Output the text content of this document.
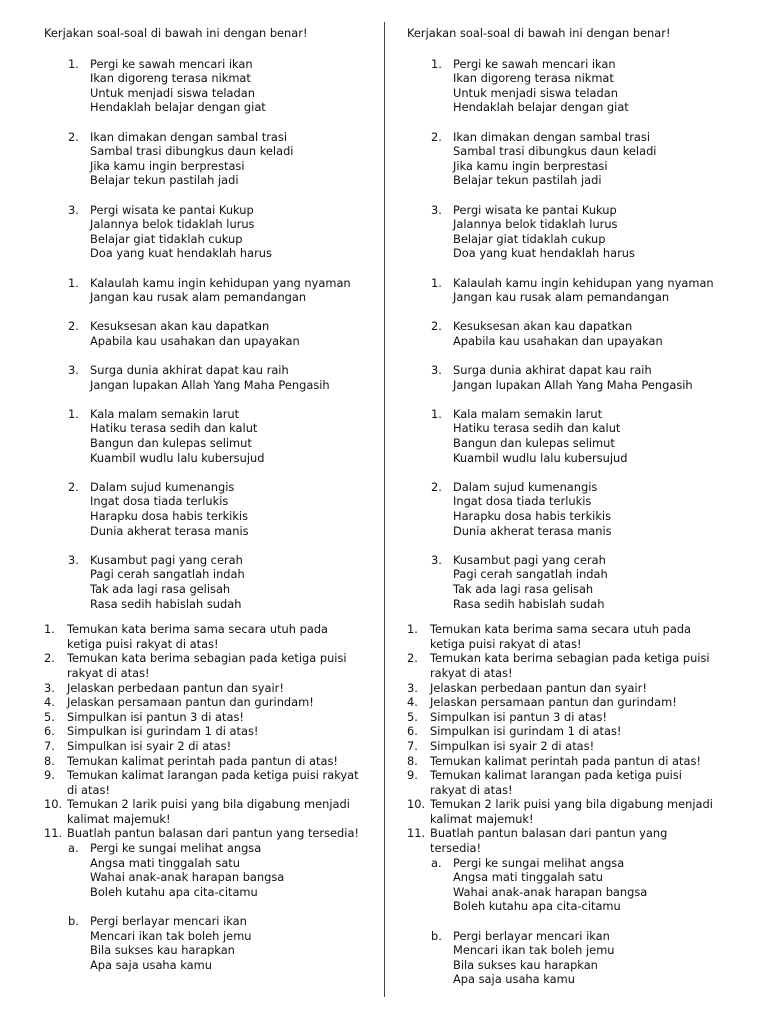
Kerjakan soal-soal di bawah ini dengan benar!
1. Pergi ke sawah mencari ikan
Ikan digoreng terasa nikmat
Untuk menjadi siswa teladan
Hendaklah belajar dengan giat
2. Ikan dimakan dengan sambal trasi
Sambal trasi dibungkus daun keladi
Jika kamu ingin berprestasi
Belajar tekun pastilah jadi
3. Pergi wisata ke pantai Kukup
Jalannya belok tidaklah lurus
Belajar giat tidaklah cukup
Doa yang kuat hendaklah harus
1. Kalaulah kamu ingin kehidupan yang nyaman
Jangan kau rusak alam pemandangan
2. Kesuksesan akan kau dapatkan
Apabila kau usahakan dan upayakan
3. Surga dunia akhirat dapat kau raih
Jangan lupakan Allah Yang Maha Pengasih
1. Kala malam semakin larut
Hatiku terasa sedih dan kalut
Bangun dan kulepas selimut
Kuambil wudlu lalu kubersujud
2. Dalam sujud kumenangis
Ingat dosa tiada terlukis
Harapku dosa habis terkikis
Dunia akherat terasa manis
3. Kusambut pagi yang cerah
Pagi cerah sangatlah indah
Tak ada lagi rasa gelisah
Rasa sedih habislah sudah
1. Temukan kata berima sama secara utuh pada ketiga puisi rakyat di atas!
2. Temukan kata berima sebagian pada ketiga puisi rakyat di atas!
3. Jelaskan perbedaan pantun dan syair!
4. Jelaskan persamaan pantun dan gurindam!
5. Simpulkan isi pantun 3 di atas!
6. Simpulkan isi gurindam 1 di atas!
7. Simpulkan isi syair 2 di atas!
8. Temukan kalimat perintah pada pantun di atas!
9. Temukan kalimat larangan pada ketiga puisi rakyat di atas!
10. Temukan 2 larik puisi yang bila digabung menjadi kalimat majemuk!
11. Buatlah pantun balasan dari pantun yang tersedia!
a. Pergi ke sungai melihat angsa
Angsa mati tinggalah satu
Wahai anak-anak harapan bangsa
Boleh kutahu apa cita-citamu
b. Pergi berlayar mencari ikan
Mencari ikan tak boleh jemu
Bila sukses kau harapkan
Apa saja usaha kamu
Kerjakan soal-soal di bawah ini dengan benar!
1. Pergi ke sawah mencari ikan
Ikan digoreng terasa nikmat
Untuk menjadi siswa teladan
Hendaklah belajar dengan giat
2. Ikan dimakan dengan sambal trasi
Sambal trasi dibungkus daun keladi
Jika kamu ingin berprestasi
Belajar tekun pastilah jadi
3. Pergi wisata ke pantai Kukup
Jalannya belok tidaklah lurus
Belajar giat tidaklah cukup
Doa yang kuat hendaklah harus
1. Kalaulah kamu ingin kehidupan yang nyaman
Jangan kau rusak alam pemandangan
2. Kesuksesan akan kau dapatkan
Apabila kau usahakan dan upayakan
3. Surga dunia akhirat dapat kau raih
Jangan lupakan Allah Yang Maha Pengasih
1. Kala malam semakin larut
Hatiku terasa sedih dan kalut
Bangun dan kulepas selimut
Kuambil wudlu lalu kubersujud
2. Dalam sujud kumenangis
Ingat dosa tiada terlukis
Harapku dosa habis terkikis
Dunia akherat terasa manis
3. Kusambut pagi yang cerah
Pagi cerah sangatlah indah
Tak ada lagi rasa gelisah
Rasa sedih habislah sudah
1. Temukan kata berima sama secara utuh pada ketiga puisi rakyat di atas!
2. Temukan kata berima sebagian pada ketiga puisi rakyat di atas!
3. Jelaskan perbedaan pantun dan syair!
4. Jelaskan persamaan pantun dan gurindam!
5. Simpulkan isi pantun 3 di atas!
6. Simpulkan isi gurindam 1 di atas!
7. Simpulkan isi syair 2 di atas!
8. Temukan kalimat perintah pada pantun di atas!
9. Temukan kalimat larangan pada ketiga puisi rakyat di atas!
10. Temukan 2 larik puisi yang bila digabung menjadi kalimat majemuk!
11. Buatlah pantun balasan dari pantun yang tersedia!
a. Pergi ke sungai melihat angsa
Angsa mati tinggalah satu
Wahai anak-anak harapan bangsa
Boleh kutahu apa cita-citamu
b. Pergi berlayar mencari ikan
Mencari ikan tak boleh jemu
Bila sukses kau harapkan
Apa saja usaha kamu
